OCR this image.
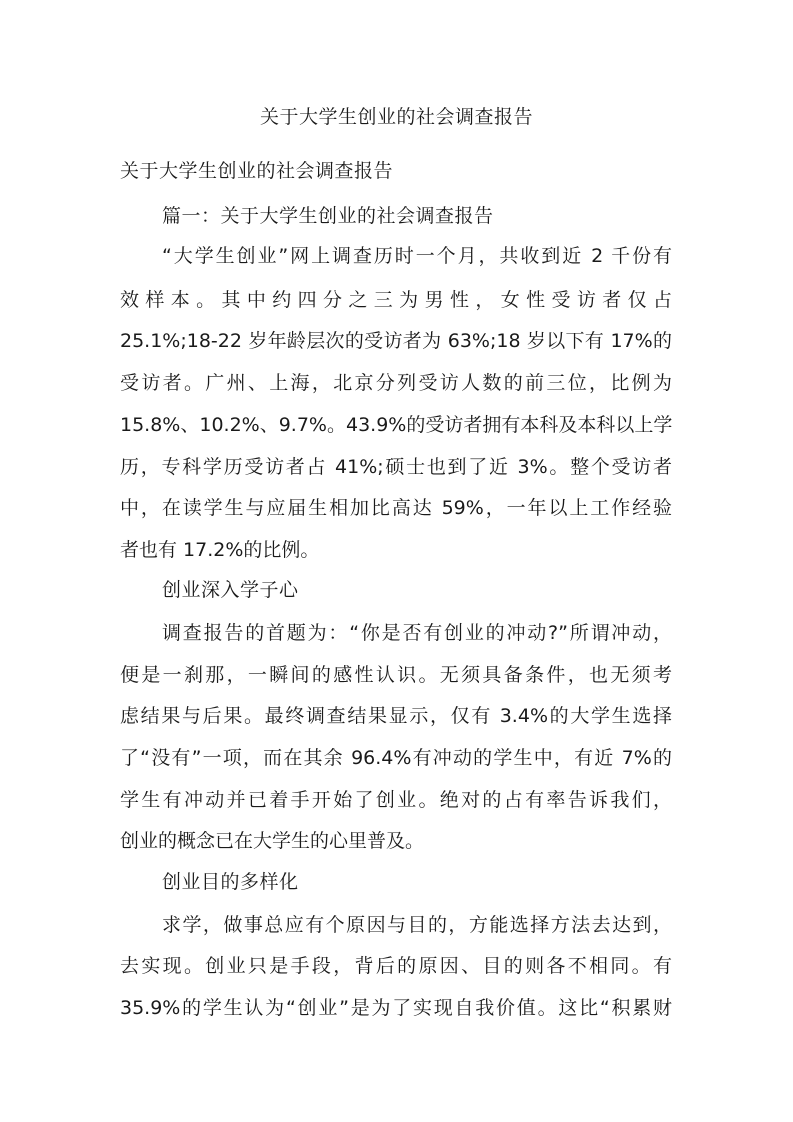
关于大学生创业的社会调查报告
关于大学生创业的社会调查报告
篇一：关于大学生创业的社会调查报告
“大学生创业”网上调查历时一个月，共收到近 2 千份有
效 样 本 。 其 中 约 四 分 之 三 为 男 性 ， 女 性 受 访 者 仅 占
25.1%;18-22 岁年龄层次的受访者为 63%;18 岁以下有 17%的
受访者。广州、上海，北京分列受访人数的前三位，比例为
15.8%、10.2%、9.7%。43.9%的受访者拥有本科及本科以上学
历，专科学历受访者占 41%;硕士也到了近 3%。整个受访者
中，在读学生与应届生相加比高达 59%，一年以上工作经验
者也有 17.2%的比例。
创业深入学子心
调查报告的首题为：“你是否有创业的冲动?”所谓冲动，
便是一刹那，一瞬间的感性认识。无须具备条件，也无须考
虑结果与后果。最终调查结果显示，仅有 3.4%的大学生选择
了“没有”一项，而在其余 96.4%有冲动的学生中，有近 7%的
学生有冲动并已着手开始了创业。绝对的占有率告诉我们，
创业的概念已在大学生的心里普及。
创业目的多样化
求学，做事总应有个原因与目的，方能选择方法去达到，
去实现。创业只是手段，背后的原因、目的则各不相同。有
35.9%的学生认为“创业”是为了实现自我价值。这比“积累财
